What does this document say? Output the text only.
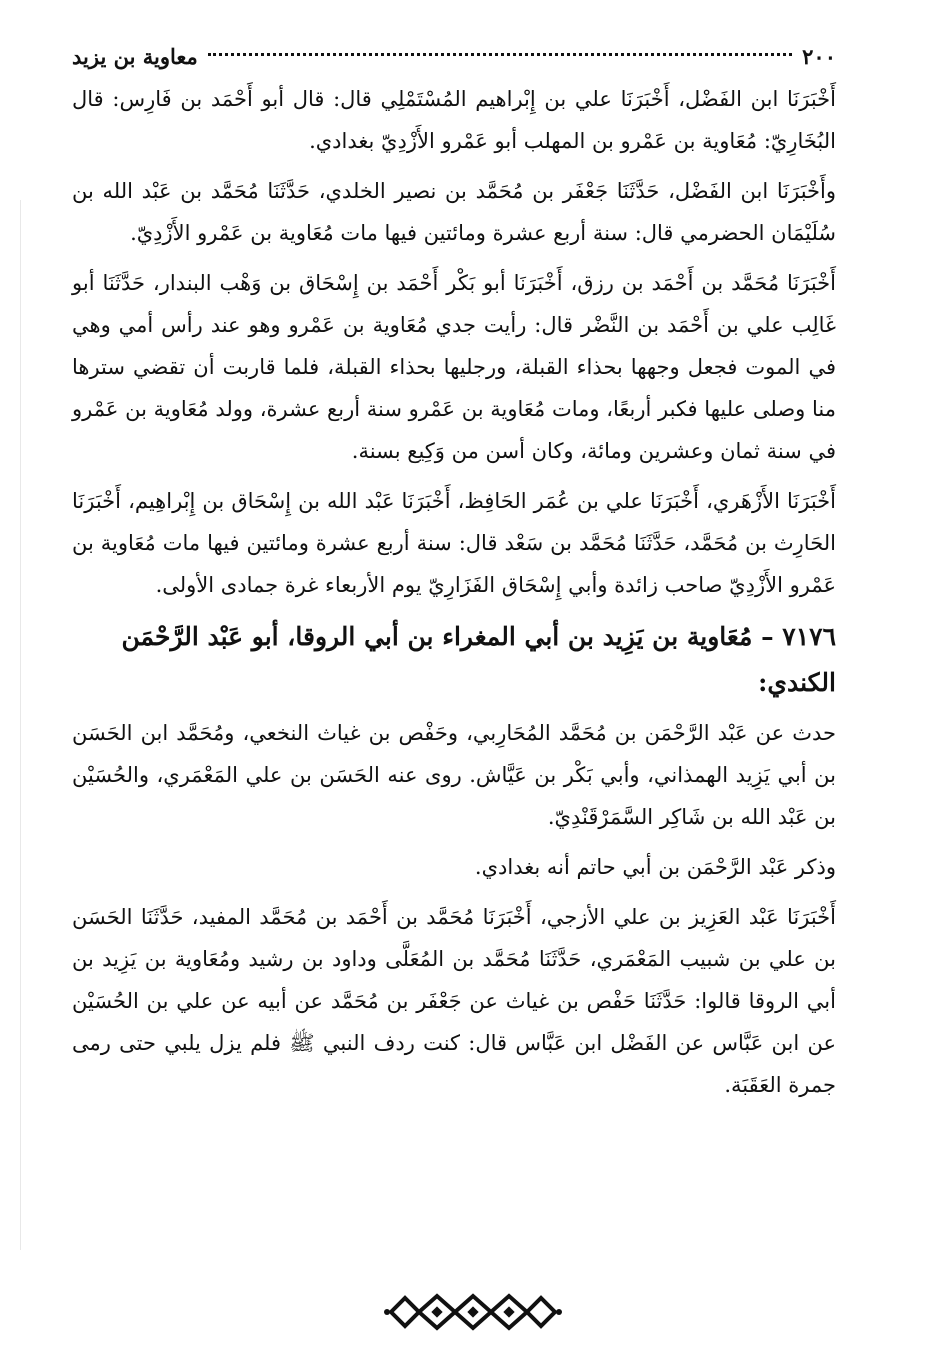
٢٠٠
معاوية بن يزيد

أَخْبَرَنَا ابن الفَضْل، أَخْبَرَنَا علي بن إِبْراهيم المُسْتَمْلِي قال: قال أبو أَحْمَد بن فَارِس: قال البُخَارِيّ: مُعَاوية بن عَمْرو بن المهلب أبو عَمْرو الأَزْدِيّ بغدادي.

وأَخْبَرَنَا ابن الفَضْل، حَدَّثَنَا جَعْفَر بن مُحَمَّد بن نصير الخلدي، حَدَّثَنَا مُحَمَّد بن عَبْد الله بن سُلَيْمَان الحضرمي قال: سنة أربع عشرة ومائتين فيها مات مُعَاوية بن عَمْرو الأَزْدِيّ.

أَخْبَرَنَا مُحَمَّد بن أَحْمَد بن رزق، أَخْبَرَنَا أبو بَكْر أَحْمَد بن إِسْحَاق بن وَهْب البندار، حَدَّثَنَا أبو غَالِب علي بن أَحْمَد بن النَّضْر قال: رأيت جدي مُعَاوية بن عَمْرو وهو عند رأس أمي وهي في الموت فجعل وجهها بحذاء القبلة، ورجليها بحذاء القبلة، فلما قاربت أن تقضي سترها منا وصلى عليها فكبر أربعًا، ومات مُعَاوية بن عَمْرو سنة أربع عشرة، وولد مُعَاوية بن عَمْرو في سنة ثمان وعشرين ومائة، وكان أسن من وَكِيع بسنة.

أَخْبَرَنَا الأَزْهَري، أَخْبَرَنَا علي بن عُمَر الحَافِظ، أَخْبَرَنَا عَبْد الله بن إِسْحَاق بن إِبْراهِيم، أَخْبَرَنَا الحَارِث بن مُحَمَّد، حَدَّثَنَا مُحَمَّد بن سَعْد قال: سنة أربع عشرة ومائتين فيها مات مُعَاوية بن عَمْرو الأَزْدِيّ صاحب زائدة وأبي إِسْحَاق الفَزَارِيّ يوم الأربعاء غرة جمادى الأولى.

٧١٧٦ – مُعَاوية بن يَزِيد بن أبي المغراء بن أبي الروقا، أبو عَبْد الرَّحْمَن الكندي:

حدث عن عَبْد الرَّحْمَن بن مُحَمَّد المُحَارِبي، وحَفْص بن غياث النخعي، ومُحَمَّد ابن الحَسَن بن أبي يَزِيد الهمذاني، وأبي بَكْر بن عَيَّاش. روى عنه الحَسَن بن علي المَعْمَري، والحُسَيْن بن عَبْد الله بن شَاكِر السَّمَرْقَنْدِيّ.

وذكر عَبْد الرَّحْمَن بن أبي حاتم أنه بغدادي.

أَخْبَرَنَا عَبْد العَزِيز بن علي الأزجي، أَخْبَرَنَا مُحَمَّد بن أَحْمَد بن مُحَمَّد المفيد، حَدَّثَنَا الحَسَن بن علي بن شبيب المَعْمَري، حَدَّثَنَا مُحَمَّد بن المُعَلَّى وداود بن رشيد ومُعَاوية بن يَزِيد بن أبي الروقا قالوا: حَدَّثَنَا حَفْص بن غياث عن جَعْفَر بن مُحَمَّد عن أبيه عن علي بن الحُسَيْن عن ابن عَبَّاس عن الفَضْل ابن عَبَّاس قال: كنت ردف النبي ﷺ فلم يزل يلبي حتى رمى جمرة العَقَبَة.
